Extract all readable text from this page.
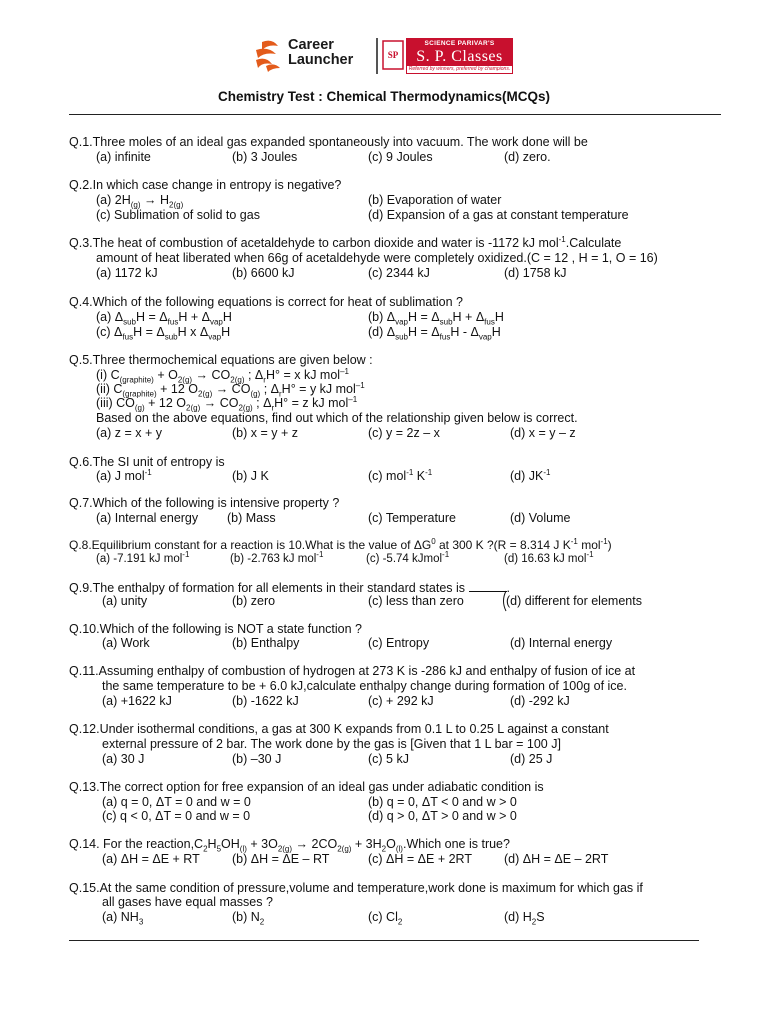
Career
Launcher	SP
SCIENCE PARIVAR'S
S. P. Classes
Referred by winners, preferred by champions.
Chemistry Test : Chemical Thermodynamics(MCQs)
Q.1.Three moles of an ideal gas expanded spontaneously into vacuum. The work done will be
(a) infinite	(b) 3 Joules	(c) 9 Joules	(d) zero.
Q.2.In which case change in entropy is negative?
(a) $2H_{(g)} \to H_{2(g)}$	(b) Evaporation of water
(c) Sublimation of solid to gas	(d) Expansion of a gas at constant temperature
Q.3.The heat of combustion of acetaldehyde to carbon dioxide and water is -1172 kJ mol$^{-1}$.Calculate
amount of heat liberated when 66g of acetaldehyde were completely oxidized.(C = 12 , H = 1, O = 16)
(a) 1172 kJ	(b) 6600 kJ	(c) 2344 kJ	(d) 1758 kJ
Q.4.Which of the following equations is correct for heat of sublimation ?
(a) $\Delta_{sub}H = \Delta_{fus}H + \Delta_{vap}H$	(b) $\Delta_{vap}H = \Delta_{sub}H + \Delta_{fus}H$
(c) $\Delta_{fus}H = \Delta_{sub}H$ x $\Delta_{vap}H$	(d) $\Delta_{sub}H = \Delta_{fus}H - \Delta_{vap}H$
Q.5.Three thermochemical equations are given below :
(i) $C_{(graphite)} + O_{2(g)} \to CO_{2(g)}$ ; $\Delta_rH^\circ = x$ kJ mol$^{-1}$
(ii) $C_{(graphite)} + 12$ $O_{2(g)} \to CO_{(g)}$ ; $\Delta_rH^\circ = y$ kJ mol$^{-1}$
(iii) $CO_{(g)} + 12$ $O_{2(g)} \to CO_{2(g)}$ ; $\Delta_rH^\circ = z$ kJ mol$^{-1}$
Based on the above equations, find out which of the relationship given below is correct.
(a) z = x + y	(b) x = y + z	(c) y = 2z – x	(d) x = y – z
Q.6.The SI unit of entropy is
(a) J mol$^{-1}$	(b) J K	(c) mol$^{-1}$ $K^{-1}$	(d) $JK^{-1}$
Q.7.Which of the following is intensive property ?
(a) Internal energy (b) Mass	(c) Temperature	(d) Volume
Q.8.Equilibrium constant for a reaction is 10.What is the value of $\Delta G^0$ at 300 K ?(R = 8.314 J $K^{-1}$ mol$^{-1}$)
(a) -7.191 kJ mol$^{-1}$	(b) -2.763 kJ mol$^{-1}$	(c) -5.74 kJmol$^{-1}$	(d) 16.63 kJ mol$^{-1}$
Q.9.The enthalpy of formation for all elements in their standard states is	.
(a) unity	(b) zero	(c) less than zero	(d) different for elements
Q.10.Which of the following is NOT a state function ?
(a) Work	(b) Enthalpy	(c) Entropy	(d) Internal energy
Q.11.Assuming enthalpy of combustion of hydrogen at 273 K is -286 kJ and enthalpy of fusion of ice at
the same temperature to be + 6.0 kJ,calculate enthalpy change during formation of 100g of ice.
(a) +1622 kJ	(b) -1622 kJ	(c) + 292 kJ	(d) -292 kJ
Q.12.Under isothermal conditions, a gas at 300 K expands from 0.1 L to 0.25 L against a constant
external pressure of 2 bar. The work done by the gas is [Given that 1 L bar = 100 J]
(a) 30 J	(b) –30 J	(c) 5 kJ	(d) 25 J
Q.13.The correct option for free expansion of an ideal gas under adiabatic condition is
(a) q = 0, ΔT = 0 and w = 0	(b) q = 0, ΔT < 0 and w > 0
(c) q < 0, ΔT = 0 and w = 0	(d) q > 0, ΔT > 0 and w > 0
Q.14. For the $reaction,C_2H_5OH_{(l)} + 3O_{2(g)} \to 2CO_{2(g)}$ + $3H_2O_{(l)}.Which$ one is true?
(a) ΔH = ΔE + RT	(b) ΔH = ΔE – RT	(c) ΔH = ΔE + 2RT	(d) ΔH = ΔE – 2RT
Q.15.At the same condition of pressure,volume and temperature,work done is maximum for which gas if
all gases have equal masses ?
(a) $NH_3$	(b) $N_2$	(c) $Cl_2$	(d) $H_2S$
